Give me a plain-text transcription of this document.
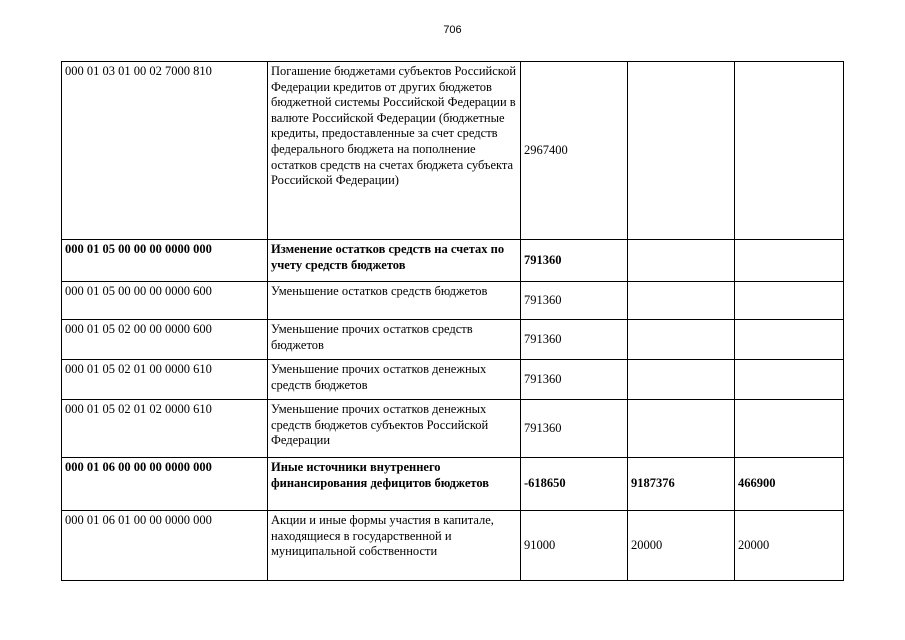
706
000 01 03 01 00 02 7000 810	Погашение бюджетами субъектов Российской Федерации кредитов от других бюджетов бюджетной системы Российской Федерации в валюте Российской Федерации (бюджетные кредиты, предоставленные за счет средств федерального бюджета на пополнение остатков средств на счетах бюджета субъекта Российской Федерации)	2967400		
000 01 05 00 00 00 0000 000	Изменение остатков средств на счетах по учету средств бюджетов	791360		
000 01 05 00 00 00 0000 600	Уменьшение остатков средств бюджетов	791360		
000 01 05 02 00 00 0000 600	Уменьшение прочих остатков средств бюджетов	791360		
000 01 05 02 01 00 0000 610	Уменьшение прочих остатков денежных средств бюджетов	791360		
000 01 05 02 01 02 0000 610	Уменьшение прочих остатков денежных средств бюджетов субъектов Российской Федерации	791360		
000 01 06 00 00 00 0000 000	Иные источники внутреннего финансирования дефицитов бюджетов	-618650	9187376	466900
000 01 06 01 00 00 0000 000	Акции и иные формы участия в капитале, находящиеся в государственной и муниципальной собственности	91000	20000	20000
